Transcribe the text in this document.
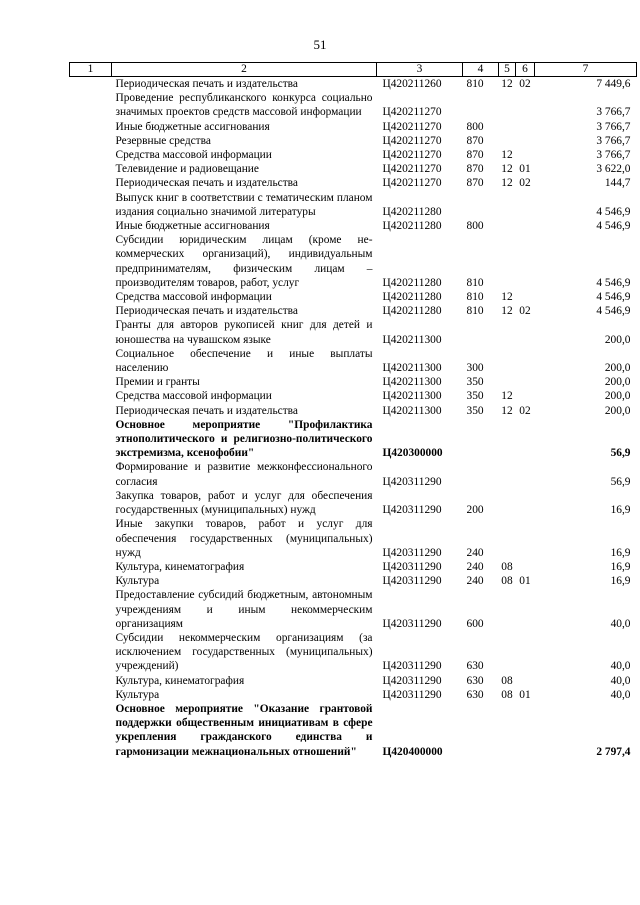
51
1	2	3	4	5	6	7
	Периодическая печать и издательства	Ц420211260	810	12	02	7 449,6
	Проведение республиканского конкурса социально значимых проектов средств массовой информации	Ц420211270				3 766,7
	Иные бюджетные ассигнования	Ц420211270	800			3 766,7
	Резервные средства	Ц420211270	870			3 766,7
	Средства массовой информации	Ц420211270	870	12		3 766,7
	Телевидение и радиовещание	Ц420211270	870	12	01	3 622,0
	Периодическая печать и издательства	Ц420211270	870	12	02	144,7
	Выпуск книг в соответствии с тематическим планом издания социально значимой литературы	Ц420211280				4 546,9
	Иные бюджетные ассигнования	Ц420211280	800			4 546,9
	Субсидии юридическим лицам (кроме некоммерческих организаций), индивидуальным предпринимателям, физическим лицам – производителям товаров, работ, услуг	Ц420211280	810			4 546,9
	Средства массовой информации	Ц420211280	810	12		4 546,9
	Периодическая печать и издательства	Ц420211280	810	12	02	4 546,9
	Гранты для авторов рукописей книг для детей и юношества на чувашском языке	Ц420211300				200,0
	Социальное обеспечение и иные выплаты населению	Ц420211300	300			200,0
	Премии и гранты	Ц420211300	350			200,0
	Средства массовой информации	Ц420211300	350	12		200,0
	Периодическая печать и издательства	Ц420211300	350	12	02	200,0
	Основное мероприятие "Профилактика этнополитического и религиозно-политического экстремизма, ксенофобии"	Ц420300000				56,9
	Формирование и развитие межконфессионального согласия	Ц420311290				56,9
	Закупка товаров, работ и услуг для обеспечения государственных (муниципальных) нужд	Ц420311290	200			16,9
	Иные закупки товаров, работ и услуг для обеспечения государственных (муниципальных) нужд	Ц420311290	240			16,9
	Культура, кинематография	Ц420311290	240	08		16,9
	Культура	Ц420311290	240	08	01	16,9
	Предоставление субсидий бюджетным, автономным учреждениям и иным некоммерческим организациям	Ц420311290	600			40,0
	Субсидии некоммерческим организациям (за исключением государственных (муниципальных) учреждений)	Ц420311290	630			40,0
	Культура, кинематография	Ц420311290	630	08		40,0
	Культура	Ц420311290	630	08	01	40,0
	Основное мероприятие "Оказание грантовой поддержки общественным инициативам в сфере укрепления гражданского единства и гармонизации межнациональных отношений"	Ц420400000				2 797,4
